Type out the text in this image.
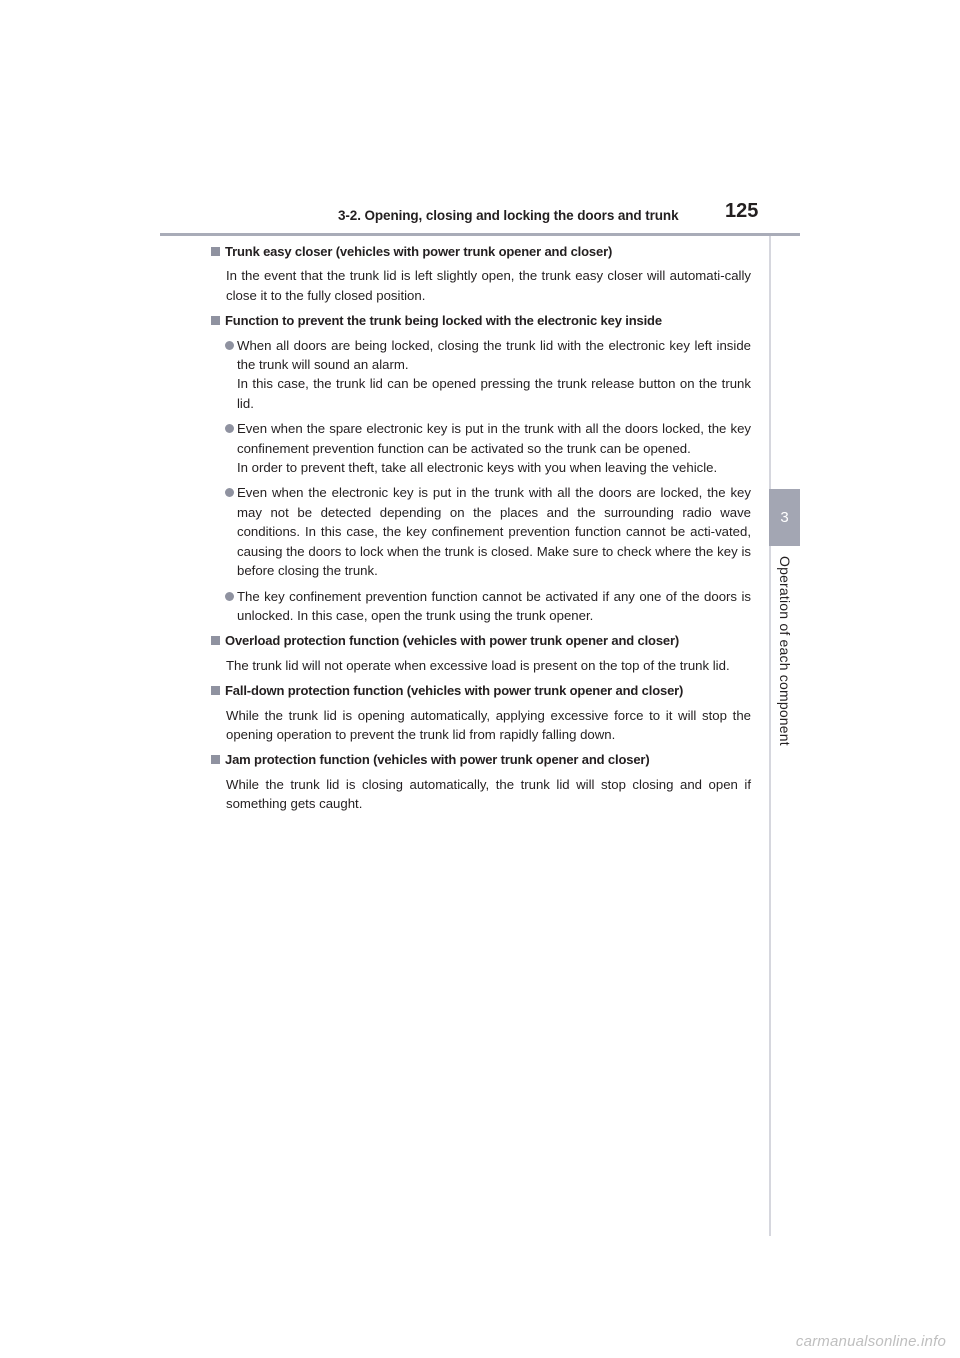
3-2. Opening, closing and locking the doors and trunk 125
3
Operation of each component
Trunk easy closer (vehicles with power trunk opener and closer)

In the event that the trunk lid is left slightly open, the trunk easy closer will automati-cally close it to the fully closed position.

Function to prevent the trunk being locked with the electronic key inside

When all doors are being locked, closing the trunk lid with the electronic key left inside the trunk will sound an alarm.

In this case, the trunk lid can be opened pressing the trunk release button on the trunk lid.

Even when the spare electronic key is put in the trunk with all the doors locked, the key confinement prevention function can be activated so the trunk can be opened.

In order to prevent theft, take all electronic keys with you when leaving the vehicle.

Even when the electronic key is put in the trunk with all the doors are locked, the key may not be detected depending on the places and the surrounding radio wave conditions. In this case, the key confinement prevention function cannot be acti-vated, causing the doors to lock when the trunk is closed. Make sure to check where the key is before closing the trunk.

The key confinement prevention function cannot be activated if any one of the doors is unlocked. In this case, open the trunk using the trunk opener.

Overload protection function (vehicles with power trunk opener and closer)

The trunk lid will not operate when excessive load is present on the top of the trunk lid.

Fall-down protection function (vehicles with power trunk opener and closer)

While the trunk lid is opening automatically, applying excessive force to it will stop the opening operation to prevent the trunk lid from rapidly falling down.

Jam protection function (vehicles with power trunk opener and closer)

While the trunk lid is closing automatically, the trunk lid will stop closing and open if something gets caught.

carmanualsonline.info
